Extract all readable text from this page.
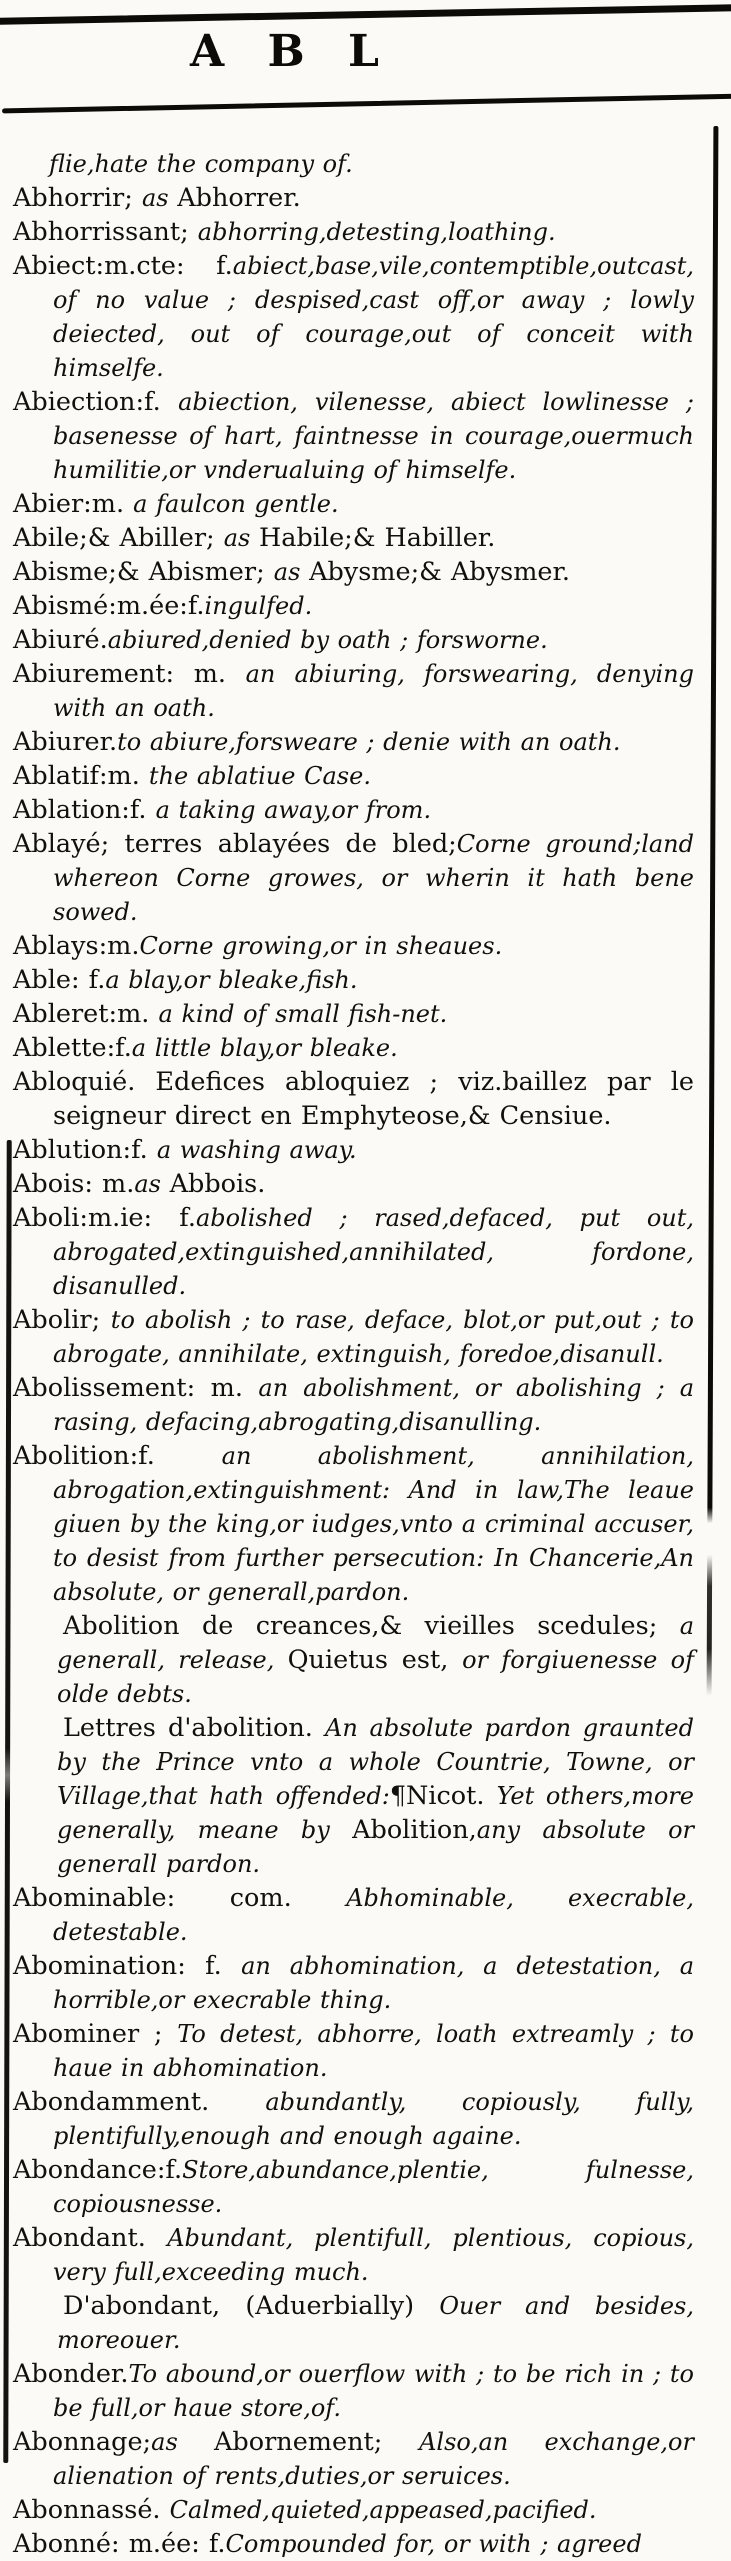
A B L

flie,hate the company of.

Abhorrir; as Abhorrer.

Abhorrissant; abhorring,detesting,loathing.

Abiect:m.cte: f.abiect,base,vile,contemptible,outcast, of no value ; despised,cast off,or away ; lowly deiected, out of courage,out of conceit with himselfe.

Abiection:f. abiection, vilenesse, abiect lowlinesse ; basenesse of hart, faintnesse in courage,ouermuch humilitie,or vnderualuing of himselfe.

Abier:m. a faulcon gentle.

Abile;& Abiller; as Habile;& Habiller.

Abisme;& Abismer; as Abysme;& Abysmer.

Abismé:m.ée:f.ingulfed.

Abiuré.abiured,denied by oath ; forsworne.

Abiurement: m. an abiuring, forswearing, denying with an oath.

Abiurer.to abiure,forsweare ; denie with an oath.

Ablatif:m. the ablatiue Case.

Ablation:f. a taking away,or from.

Ablayé; terres ablayées de bled;Corne ground;land whereon Corne growes, or wherin it hath bene sowed.

Ablays:m.Corne growing,or in sheaues.

Able: f.a blay,or bleake,fish.

Ableret:m. a kind of small fish-net.

Ablette:f.a little blay,or bleake.

Abloquié. Edefices abloquiez ; viz.baillez par le seigneur direct en Emphyteose,& Censiue.

Ablution:f. a washing away.

Abois: m.as Abbois.

Aboli:m.ie: f.abolished ; rased,defaced, put out, abrogated,extinguished,annihilated, fordone, disanulled.

Abolir; to abolish ; to rase, deface, blot,or put,out ; to abrogate, annihilate, extinguish, foredoe,disanull.

Abolissement: m. an abolishment, or abolishing ; a rasing, defacing,abrogating,disanulling.

Abolition:f. an abolishment, annihilation, abrogation,extinguishment: And in law,The leaue giuen by the king,or iudges,vnto a criminal accuser, to desist from further persecution: In Chancerie,An absolute, or generall,pardon.

Abolition de creances,& vieilles scedules; a generall, release, Quietus est, or forgiuenesse of olde debts.

Lettres d'abolition. An absolute pardon graunted by the Prince vnto a whole Countrie, Towne, or Village,that hath offended:¶Nicot. Yet others,more generally, meane by Abolition,any absolute or generall pardon.

Abominable: com. Abhominable, execrable, detestable.

Abomination: f. an abhomination, a detestation, a horrible,or execrable thing.

Abominer ; To detest, abhorre, loath extreamly ; to haue in abhomination.

Abondamment. abundantly, copiously, fully, plentifully,enough and enough againe.

Abondance:f.Store,abundance,plentie, fulnesse, copiousnesse.

Abondant. Abundant, plentifull, plentious, copious, very full,exceeding much.

D'abondant, (Aduerbially) Ouer and besides, moreouer.

Abonder.To abound,or ouerflow with ; to be rich in ; to be full,or haue store,of.

Abonnage;as Abornement; Also,an exchange,or alienation of rents,duties,or seruices.

Abonnassé. Calmed,quieted,appeased,pacified.

Abonné: m.ée: f.Compounded for, or with ; agreed
